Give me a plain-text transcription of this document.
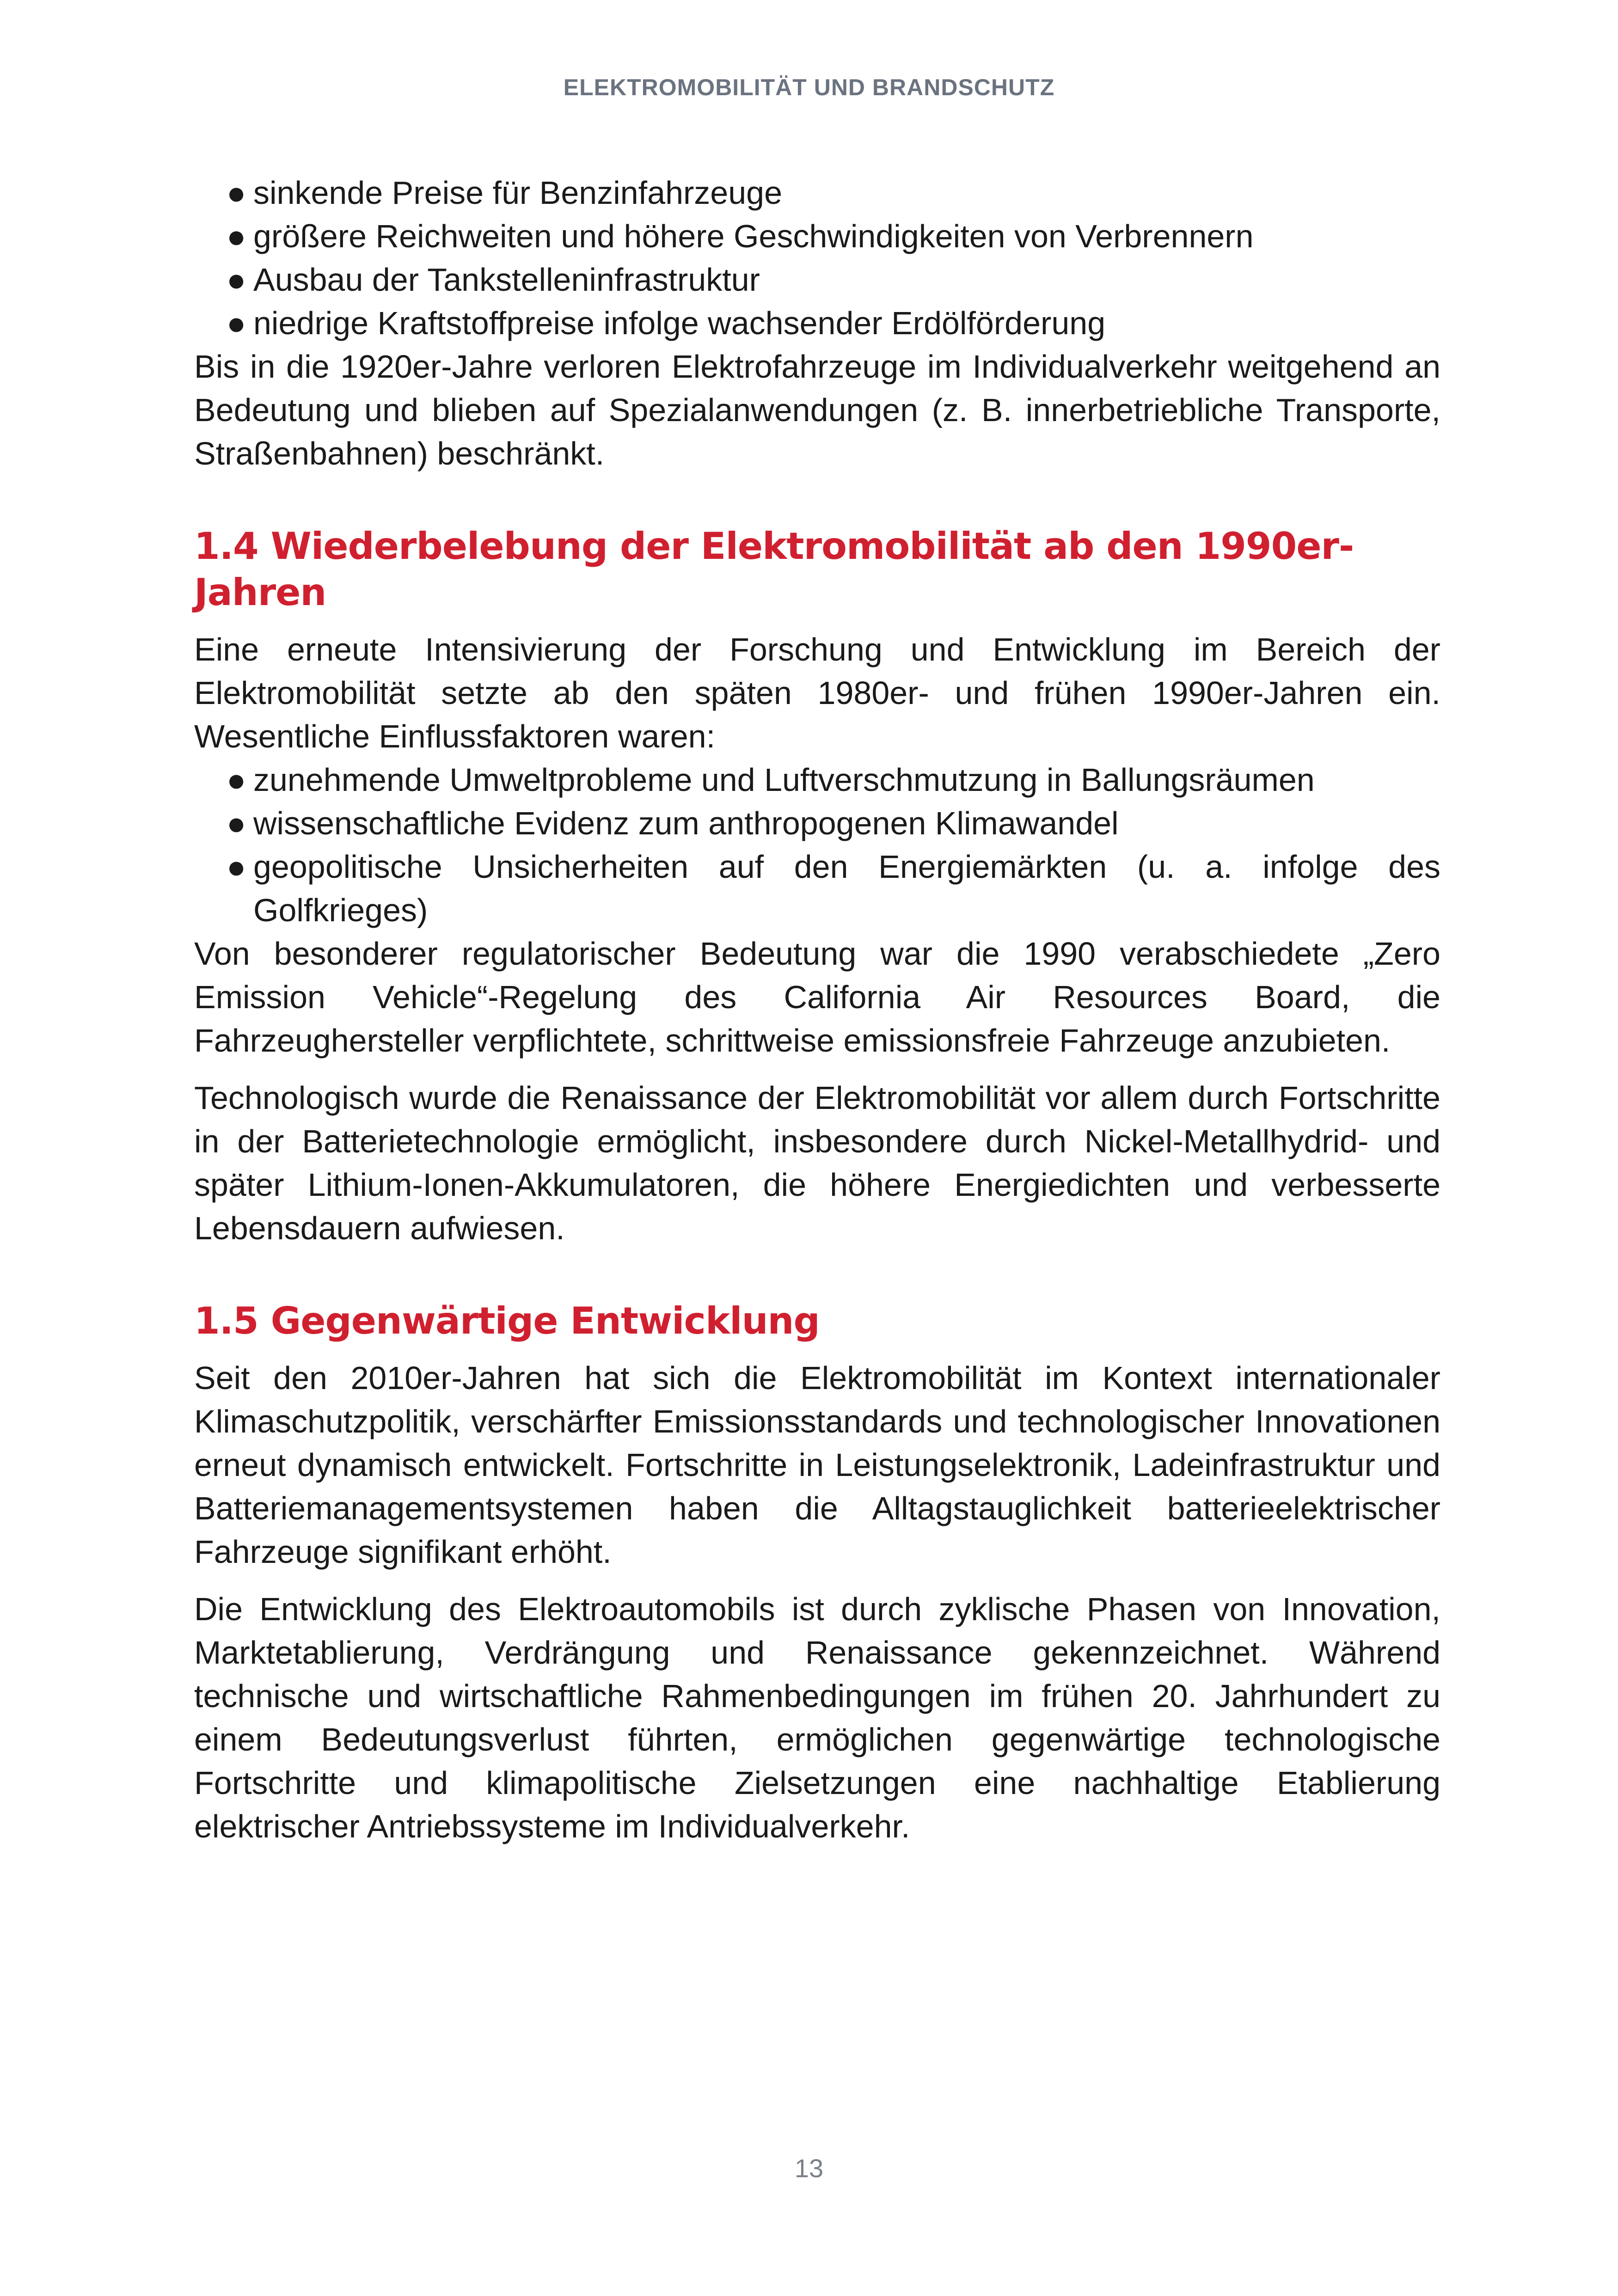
ELEKTROMOBILITÄT UND BRANDSCHUTZ
● sinkende Preise für Benzinfahrzeuge
● größere Reichweiten und höhere Geschwindigkeiten von Verbrennern
● Ausbau der Tankstelleninfrastruktur
● niedrige Kraftstoffpreise infolge wachsender Erdölförderung

Bis in die 1920er-Jahre verloren Elektrofahrzeuge im Individualverkehr weitgehend an Bedeutung und blieben auf Spezialanwendungen (z. B. innerbetriebliche Transporte, Straßenbahnen) beschränkt.

1.4 Wiederbelebung der Elektromobilität ab den 1990er-Jahren

Eine erneute Intensivierung der Forschung und Entwicklung im Bereich der Elektromobilität setzte ab den späten 1980er- und frühen 1990er-Jahren ein. Wesentliche Einflussfaktoren waren:

● zunehmende Umweltprobleme und Luftverschmutzung in Ballungsräumen
● wissenschaftliche Evidenz zum anthropogenen Klimawandel
● geopolitische Unsicherheiten auf den Energiemärkten (u. a. infolge des Golfkrieges)

Von besonderer regulatorischer Bedeutung war die 1990 verabschiedete „Zero Emission Vehicle“-Regelung des California Air Resources Board, die Fahrzeughersteller verpflichtete, schrittweise emissionsfreie Fahrzeuge anzubieten.

Technologisch wurde die Renaissance der Elektromobilität vor allem durch Fortschritte in der Batterietechnologie ermöglicht, insbesondere durch Nickel-Metallhydrid- und später Lithium-Ionen-Akkumulatoren, die höhere Energiedichten und verbesserte Lebensdauern aufwiesen.

1.5 Gegenwärtige Entwicklung

Seit den 2010er-Jahren hat sich die Elektromobilität im Kontext internationaler Klimaschutzpolitik, verschärfter Emissionsstandards und technologischer Innovationen erneut dynamisch entwickelt. Fortschritte in Leistungselektronik, Ladeinfrastruktur und Batteriemanagementsystemen haben die Alltagstauglichkeit batterieelektrischer Fahrzeuge signifikant erhöht.

Die Entwicklung des Elektroautomobils ist durch zyklische Phasen von Innovation, Marktetablierung, Verdrängung und Renaissance gekennzeichnet. Während technische und wirtschaftliche Rahmenbedingungen im frühen 20. Jahrhundert zu einem Bedeutungsverlust führten, ermöglichen gegenwärtige technologische Fortschritte und klimapolitische Zielsetzungen eine nachhaltige Etablierung elektrischer Antriebssysteme im Individualverkehr.

13
